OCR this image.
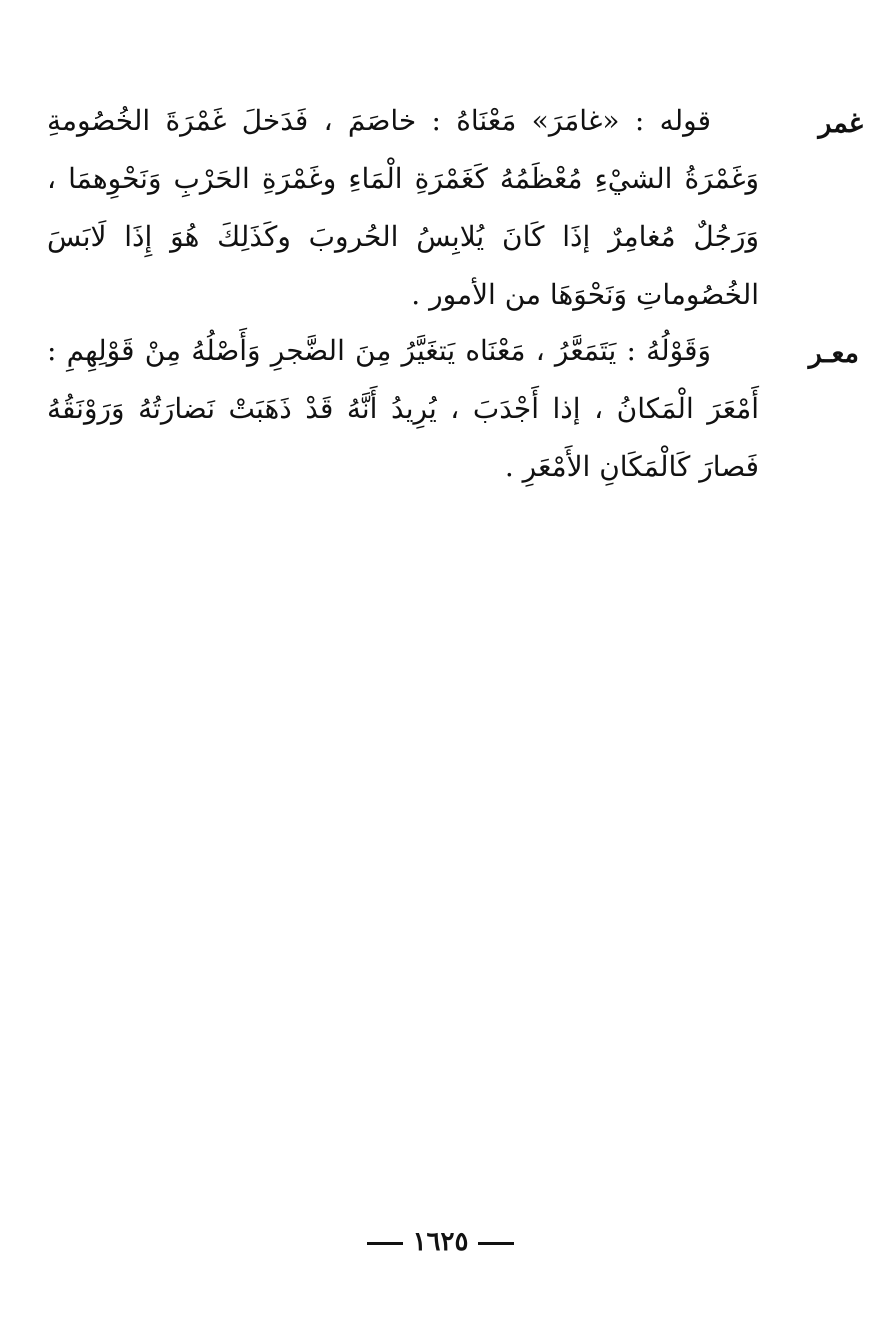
غمر
قوله : «غامَرَ» مَعْنَاهُ : خاصَمَ ، فَدَخلَ غَمْرَةَ الخُصُومةِ وَغَمْرَةُ الشيْءِ مُعْظَمُهُ كَغَمْرَةِ الْمَاءِ وغَمْرَةِ الحَرْبِ وَنَحْوِهمَا ، وَرَجُلٌ مُغامِرٌ إذَا كَانَ يُلابِسُ الحُروبَ وكَذَلِكَ هُوَ إِذَا لَابَسَ الخُصُوماتِ وَنَحْوَهَا من الأمور .
معـر
وَقَوْلُهُ : يَتَمَعَّرُ ، مَعْنَاه يَتغَيَّرُ مِنَ الضَّجرِ وَأَصْلُهُ مِنْ قَوْلِهِمِ : أَمْعَرَ الْمَكانُ ، إذا أَجْدَبَ ، يُرِيدُ أَنَّهُ قَدْ ذَهَبَتْ نَضارَتُهُ وَرَوْنَقُهُ فَصارَ كَالْمَكَانِ الأَمْعَرِ .
١٦٢٥
